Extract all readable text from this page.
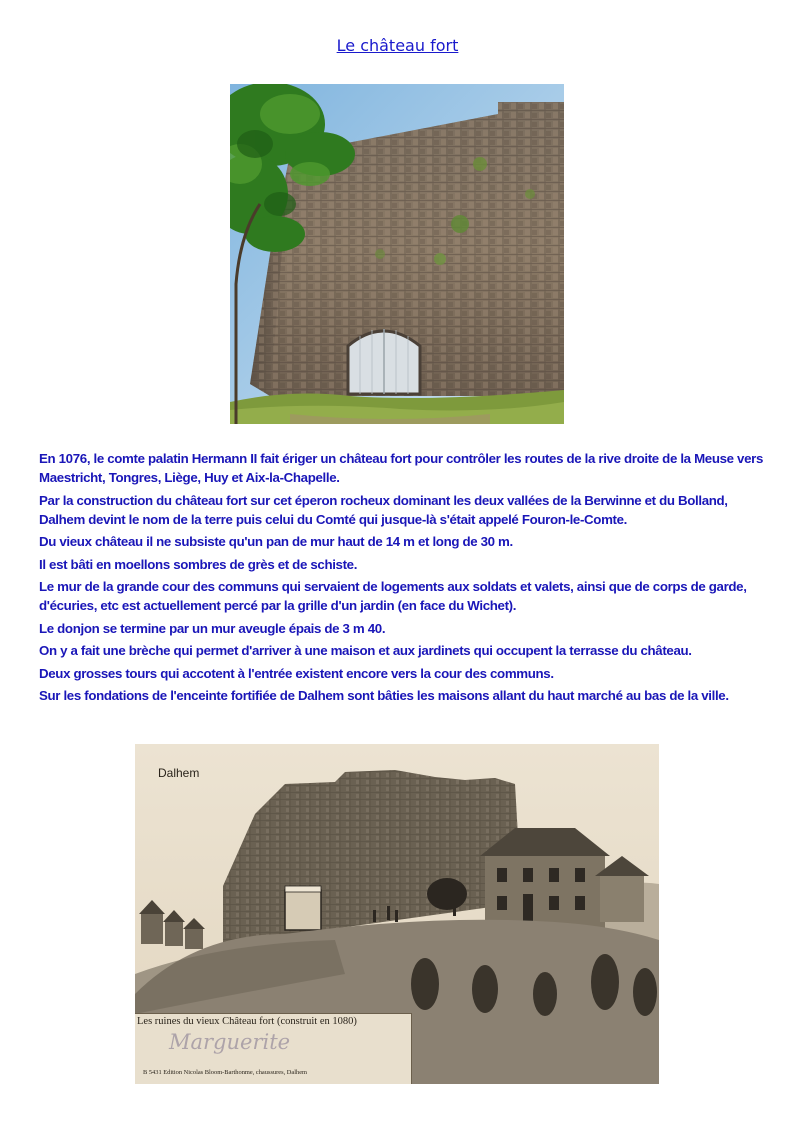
Le château fort

En 1076, le comte palatin Hermann II fait ériger un château fort pour contrôler les routes de la rive droite de la Meuse vers Maestricht, Tongres, Liège, Huy et Aix-la-Chapelle.

Par la construction du château fort sur cet éperon rocheux dominant les deux vallées de la Berwinne et du Bolland, Dalhem devint le nom de la terre puis celui du Comté qui jusque-là s'était appelé Fouron-le-Comte.

Du vieux château il ne subsiste qu'un pan de mur haut de 14 m et long de 30 m.

Il est bâti en moellons sombres de grès et de schiste.

Le mur de la grande cour des communs qui servaient de logements aux soldats et valets, ainsi que de corps de garde, d'écuries, etc est actuellement percé par la grille d'un jardin (en face du Wichet).

Le donjon se termine par un mur aveugle épais de 3 m 40.

On y a fait une brèche qui permet d'arriver à une maison et aux jardinets qui occupent la terrasse du château.

Deux grosses tours qui accotent à l'entrée existent encore vers la cour des communs.

Sur les fondations de l'enceinte fortifiée de Dalhem sont bâties les maisons allant du haut marché au bas de la ville.

Dalhem
Les ruines du vieux Château fort (construit en 1080)
Marguerite
B 5431 Edition Nicolas Bloom-Barthonme, chaussures, Dalhem
